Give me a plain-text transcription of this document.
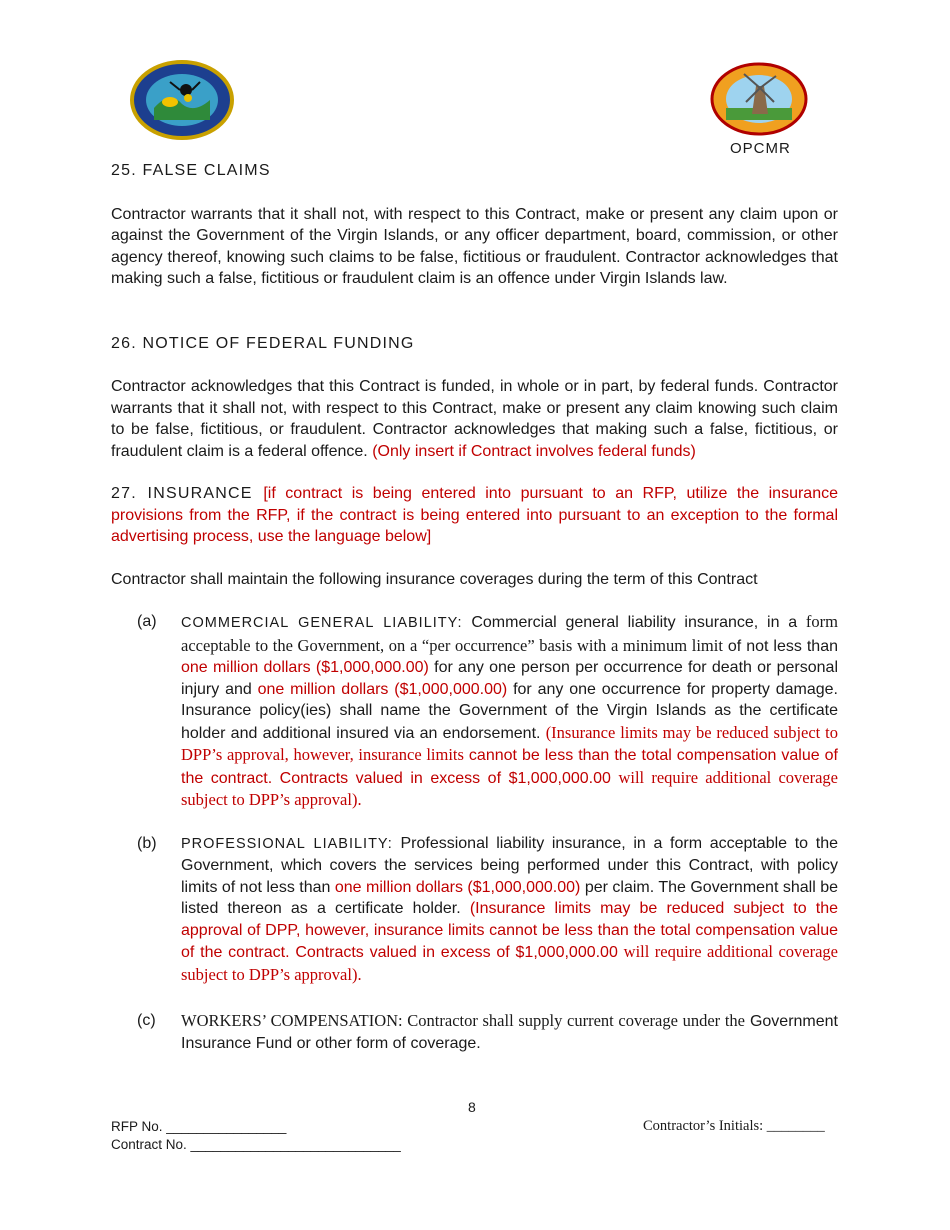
OPCMR

25. FALSE CLAIMS

Contractor warrants that it shall not, with respect to this Contract, make or present any claim upon or against the Government of the Virgin Islands, or any officer department, board, commission, or other agency thereof, knowing such claims to be false, fictitious or fraudulent. Contractor acknowledges that making such a false, fictitious or fraudulent claim is an offence under Virgin Islands law.

26. NOTICE OF FEDERAL FUNDING

Contractor acknowledges that this Contract is funded, in whole or in part, by federal funds. Contractor warrants that it shall not, with respect to this Contract, make or present any claim knowing such claim to be false, fictitious, or fraudulent. Contractor acknowledges that making such a false, fictitious, or fraudulent claim is a federal offence. (Only insert if Contract involves federal funds)

27. INSURANCE [if contract is being entered into pursuant to an RFP, utilize the insurance provisions from the RFP, if the contract is being entered into pursuant to an exception to the formal advertising process, use the language below]

Contractor shall maintain the following insurance coverages during the term of this Contract

(a) COMMERCIAL GENERAL LIABILITY: Commercial general liability insurance, in a form acceptable to the Government, on a “per occurrence” basis with a minimum limit of not less than one million dollars ($1,000,000.00) for any one person per occurrence for death or personal injury and one million dollars ($1,000,000.00) for any one occurrence for property damage. Insurance policy(ies) shall name the Government of the Virgin Islands as the certificate holder and additional insured via an endorsement. (Insurance limits may be reduced subject to DPP’s approval, however, insurance limits cannot be less than the total compensation value of the contract. Contracts valued in excess of $1,000,000.00 will require additional coverage subject to DPP’s approval).
(b) PROFESSIONAL LIABILITY: Professional liability insurance, in a form acceptable to the Government, which covers the services being performed under this Contract, with policy limits of not less than one million dollars ($1,000,000.00) per claim. The Government shall be listed thereon as a certificate holder. (Insurance limits may be reduced subject to the approval of DPP, however, insurance limits cannot be less than the total compensation value of the contract. Contracts valued in excess of $1,000,000.00 will require additional coverage subject to DPP’s approval).
(c) WORKERS’ COMPENSATION: Contractor shall supply current coverage under the Government Insurance Fund or other form of coverage.
8
RFP No. ________________
Contract No. ____________________________
Contractor’s Initials: ________
